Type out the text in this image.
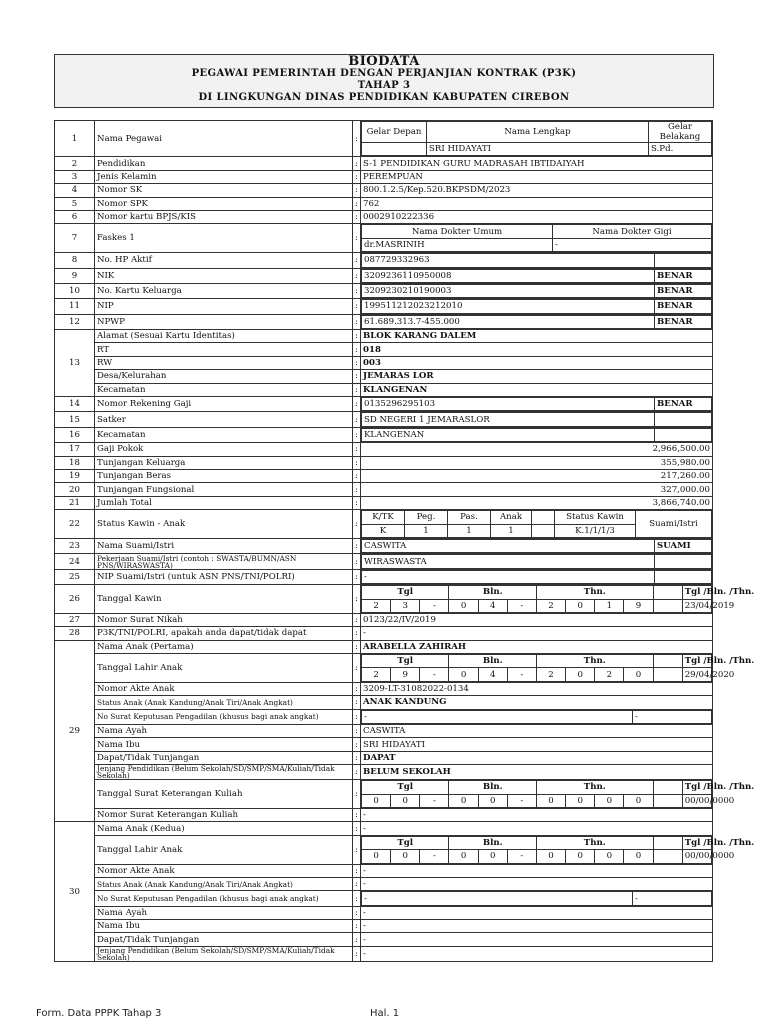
BIODATA
PEGAWAI PEMERINTAH DENGAN PERJANJIAN KONTRAK (P3K)
TAHAP 3
DI LINGKUNGAN DINAS PENDIDIKAN KABUPATEN CIREBON
1	Nama Pegawai	:	
Gelar Depan	Nama Lengkap	Gelar Belakang
	SRI HIDAYATI	S.Pd.

2	Pendidikan	:	S-1 PENDIDIKAN GURU MADRASAH IBTIDAIYAH
3	Jenis Kelamin	:	PEREMPUAN
4	Nomor SK	:	800.1.2.5/Kep.520.BKPSDM/2023
5	Nomor SPK	:	762
6	Nomor kartu BPJS/KIS	:	0002910222336
7	Faskes 1	:	
Nama Dokter Umum	Nama Dokter Gigi
dr.MASRINIH	-

8	No. HP Aktif	:	087729332963	

9	NIK	:	3209236110950008	BENAR

10	No. Kartu Keluarga	:	3209230210190003	BENAR

11	NIP	:	199511212023212010	BENAR

12	NPWP	:	61.689.313.7-455.000	BENAR

13	Alamat (Sesuai Kartu Identitas)	:	BLOK KARANG DALEM
RT	:	018
RW	:	003
Desa/Kelurahan	:	JEMARAS LOR
Kecamatan	:	KLANGENAN
14	Nomor Rekening Gaji	:	0135296295103	BENAR

15	Satker	:	SD NEGERI 1 JEMARASLOR	

16	Kecamatan	:	KLANGENAN	

17	Gaji Pokok	:	2,966,500.00
18	Tunjangan Keluarga	:	355,980.00
19	Tunjangan Beras	:	217,260.00
20	Tunjangan Fungsional	:	327,000.00
21	Jumlah Total	:	3,866,740.00
22	Status Kawin - Anak	:	
K/TK	Peg.	Pas.	Anak		Status Kawin	Suami/Istri
K	1	1	1		K.1/1/1/3

23	Nama Suami/Istri	:	CASWITA	SUAMI

24	Pekerjaan Suami/Istri (contoh : SWASTA/BUMN/ASN PNS/WIRASWASTA)	:	WIRASWASTA	

25	NIP Suami/Istri (untuk ASN PNS/TNI/POLRI)	:	-	

26	Tanggal Kawin	:	
Tgl	Bln.	Thn.		Tgl /Bln. /Thn.
2	3	-	0	4	-	2	0	1	9		23/04/2019

27	Nomor Surat Nikah	:	0123/22/IV/2019
28	P3K/TNI/POLRI, apakah anda dapat/tidak dapat	:	-
29	Nama Anak (Pertama)	:	ARABELLA ZAHIRAH
Tanggal Lahir Anak	:	
Tgl	Bln.	Thn.		Tgl /Bln. /Thn.
2	9	-	0	4	-	2	0	2	0		29/04/2020

Nomor Akte Anak	:	3209-LT-31082022-0134
Status Anak (Anak Kandung/Anak Tiri/Anak Angkat)	:	ANAK KANDUNG
No Surat Keputusan Pengadilan (khusus bagi anak angkat)	:	-	-

Nama Ayah	:	CASWITA
Nama Ibu	:	SRI HIDAYATI
Dapat/Tidak Tunjangan	:	DAPAT
Jenjang Pendidikan (Belum Sekolah/SD/SMP/SMA/Kuliah/Tidak Sekolah)	:	BELUM SEKOLAH
Tanggal Surat Keterangan Kuliah	:	
Tgl	Bln.	Thn.		Tgl /Bln. /Thn.
0	0	-	0	0	-	0	0	0	0		00/00/0000

Nomor Surat Keterangan Kuliah	:	-
30	Nama Anak (Kedua)	:	-
Tanggal Lahir Anak	:	
Tgl	Bln.	Thn.		Tgl /Bln. /Thn.
0	0	-	0	0	-	0	0	0	0		00/00/0000

Nomor Akte Anak	:	-
Status Anak (Anak Kandung/Anak Tiri/Anak Angkat)	:	-
No Surat Keputusan Pengadilan (khusus bagi anak angkat)	:	-	-

Nama Ayah	:	-
Nama Ibu	:	-
Dapat/Tidak Tunjangan	:	-
Jenjang Pendidikan (Belum Sekolah/SD/SMP/SMA/Kuliah/Tidak Sekolah)	:	-
Form. Data PPPK Tahap 3	Hal. 1
